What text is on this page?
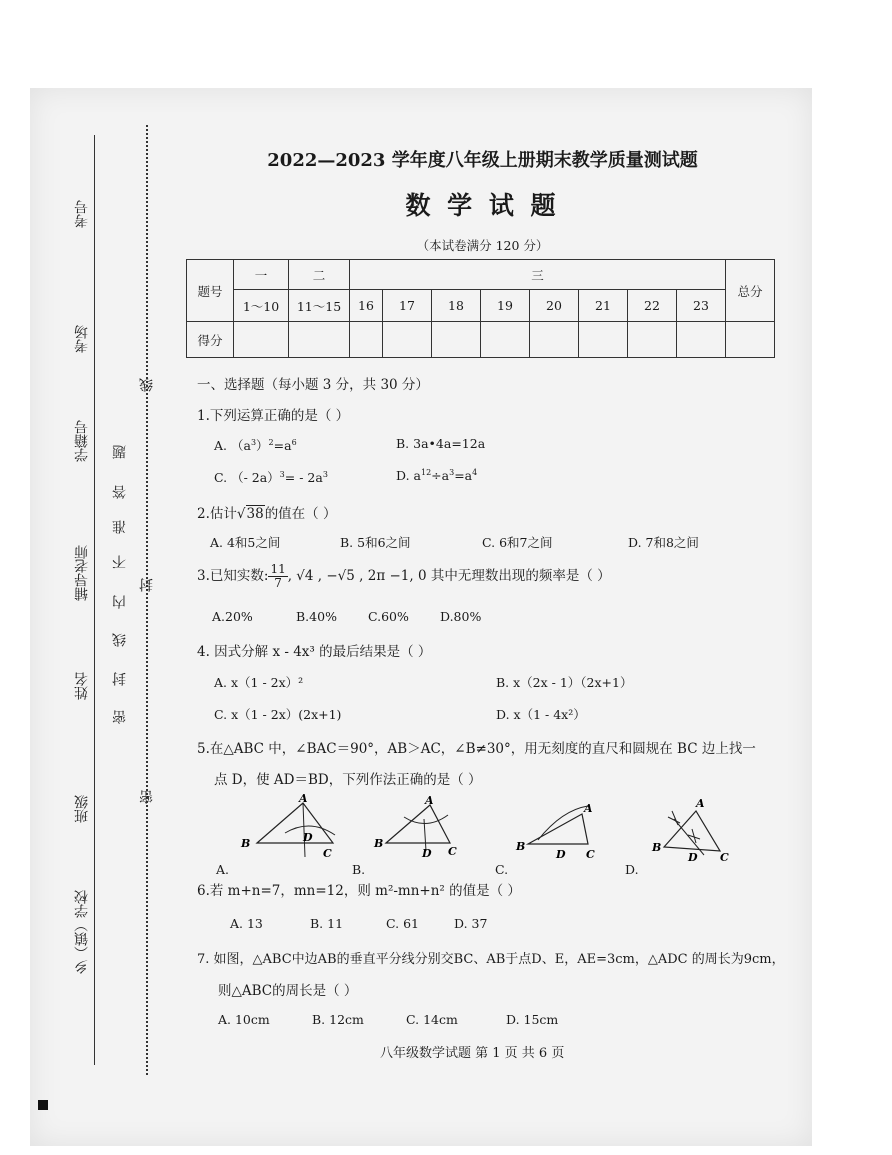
考号
考场
学籍号
辅导老师
姓名
班级
乡（镇）学校
线
题
答
准
不
内
线
封
密
封
密
2022—2023 学年度八年级上册期末教学质量测试题
数 学 试 题
（本试卷满分 120 分）
题号	一	二	三								总分
	1～10	11～15	16	17	18	19	20	21	22	23	
得分											
一、选择题（每小题 3 分，共 30 分）
1.下列运算正确的是（ ）
A. $(a^3)^2=a^6$	B. 3a•4a=12a
C. （- $2a)^3= - 2a^3$	D. $a^{12}\div a^3=a^4$
2.估计√38的值在（ ）
A. 4和5之间	B. 5和6之间	C. 6和7之间	D. 7和8之间
3.已知实数: $\frac{11}{7}$ , √4 , −√5 , 2π −1, 0 其中无理数出现的频率是（ ）
A.20%	B.40% C.60% D.80%
4. 因式分解 x - 4x³ 的最后结果是（ ）
A. x（1 - 2x）²	B. x（2x - 1）（2x+1）
C. x（1 - 2x）(2x+1)	D. x（1 - 4x²）
5.在△ABC 中，∠BAC＝90°，AB＞AC，∠B≠30°，用无刻度的直尺和圆规在 BC 边上找一
点 D，使 AD＝BD，下列作法正确的是（ ）
A
B
C
D
A
B
C
D
A
B
C
D
A
B
C
D
A.	B.	C.	D.
6.若 m+n=7，mn=12，则 m²-mn+n² 的值是（ ）
A. 13	B. 11	C. 61	D. 37
7. 如图，△ABC中边AB的垂直平分线分别交BC、AB于点D、E，AE=3cm，△ADC 的周长为9cm，
则△ABC的周长是（ ）
A. 10cm	B. 12cm	C. 14cm	D. 15cm
八年级数学试题 第 1 页 共 6 页
